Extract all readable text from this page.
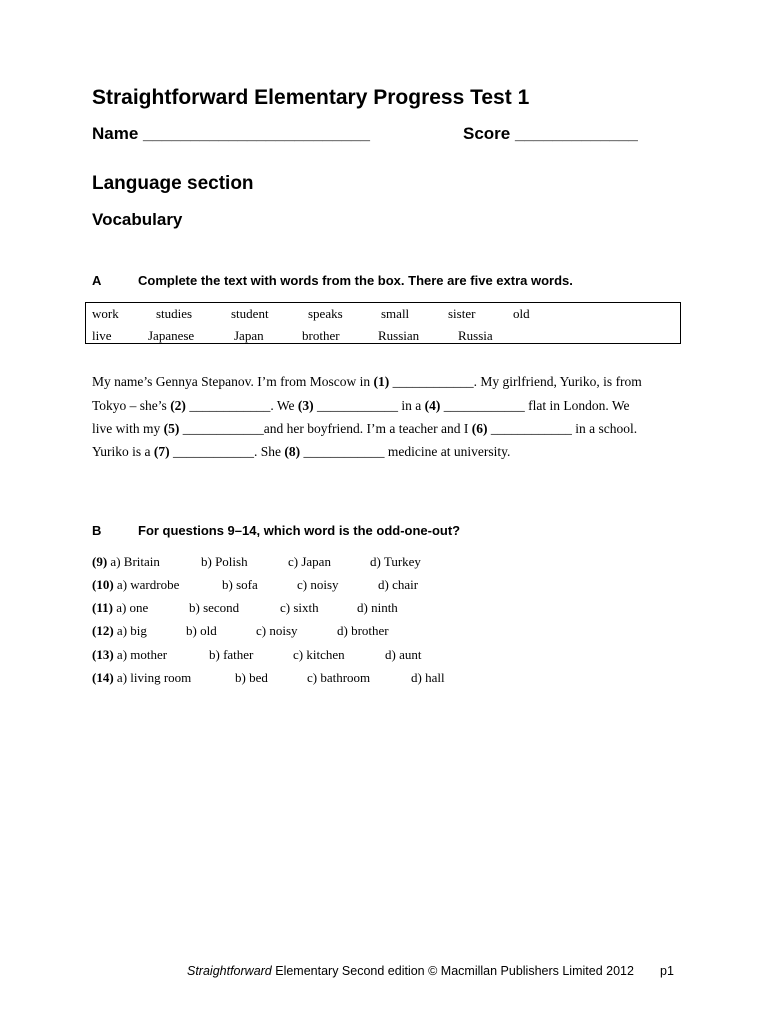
Straightforward Elementary Progress Test 1
Name ________________________	Score _____________
Language section
Vocabulary
A	Complete the text with words from the box. There are five extra words.
work	studies	student	speaks	small	sister	old
live	Japanese	Japan	brother	Russian	Russia
My name’s Gennya Stepanov. I’m from Moscow in (1) ____________. My girlfriend, Yuriko, is from
Tokyo – she’s (2) ____________. We (3) ____________ in a (4) ____________ flat in London. We
live with my (5) ____________and her boyfriend. I’m a teacher and I (6) ____________ in a school.
Yuriko is a (7) ____________. She (8) ____________ medicine at university.
B	For questions 9–14, which word is the odd-one-out?
(9) a) Britain	b) Polish	c) Japan	d) Turkey
(10) a) wardrobe	b) sofa	c) noisy	d) chair
(11) a) one	b) second	c) sixth	d) ninth
(12) a) big	b) old	c) noisy	d) brother
(13) a) mother	b) father	c) kitchen	d) aunt
(14) a) living room	b) bed	c) bathroom	d) hall
Straightforward Elementary Second edition © Macmillan Publishers Limited 2012 p1
